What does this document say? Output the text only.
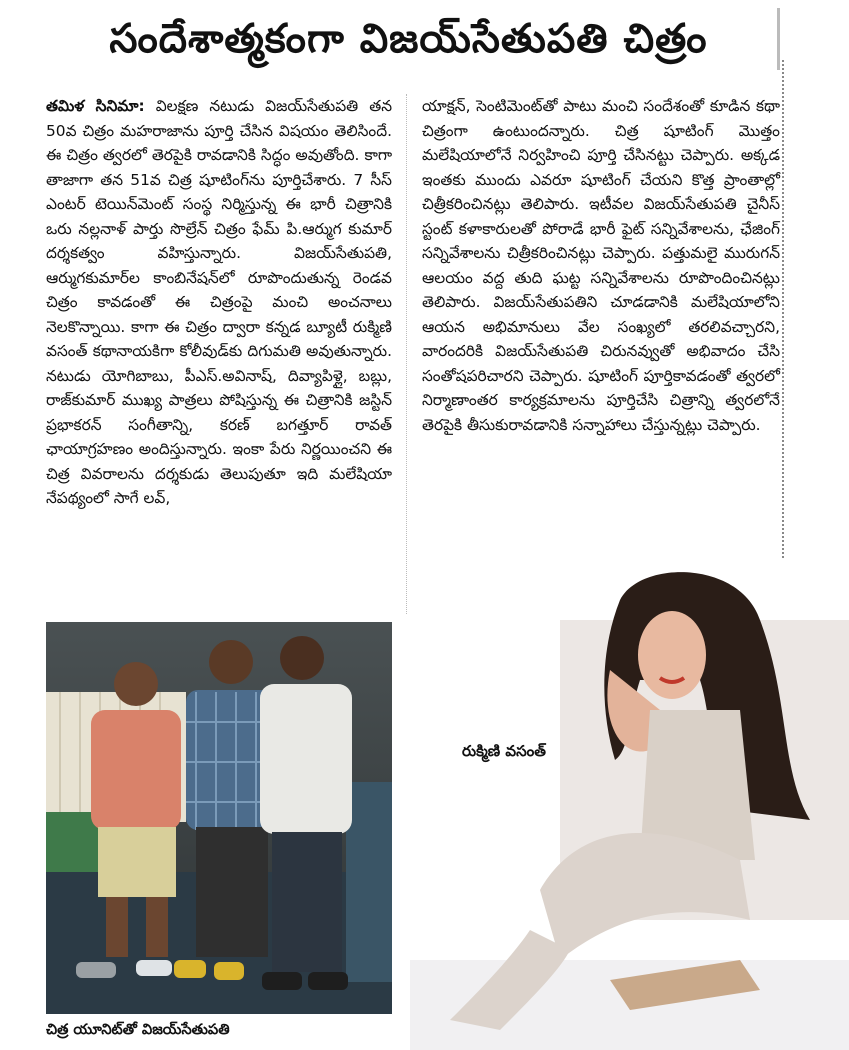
సందేశాత్మకంగా విజయ్‌సేతుపతి చిత్రం

తమిళ సినిమా: విలక్షణ నటుడు విజయ్‌సేతుపతి తన 50వ చిత్రం మహరాజాను పూర్తి చేసిన విషయం తెలిసిందే. ఈ చిత్రం త్వరలో తెరపైకి రావడానికి సిద్ధం అవుతోంది. కాగా తాజాగా తన 51వ చిత్ర షూటింగ్‌ను పూర్తిచేశారు. 7 సీస్ ఎంటర్ టెయిన్‌మెంట్ సంస్థ నిర్మిస్తున్న ఈ భారీ చిత్రానికి ఒరు నల్లనాళ్ పార్తు సొల్రేన్ చిత్రం ఫేమ్ పి.ఆర్ముగ కుమార్ దర్శకత్వం వహిస్తున్నారు. విజయ్‌సేతుపతి, ఆర్ముగకుమార్‌ల కాంబినేషన్‌లో రూపొందుతున్న రెండవ చిత్రం కావడంతో ఈ చిత్రంపై మంచి అంచనాలు నెలకొన్నాయి. కాగా ఈ చిత్రం ద్వారా కన్నడ బ్యూటీ రుక్మిణి వసంత్ కథానాయకిగా కోలీవుడ్‌కు దిగుమతి అవుతున్నారు. నటుడు యోగిబాబు, పీఎస్.అవినాష్, దివ్యాపిళ్లై, బబ్లు, రాజ్‌కుమార్ ముఖ్య పాత్రలు పోషిస్తున్న ఈ చిత్రానికి జస్టిన్ ప్రభాకరన్ సంగీతాన్ని, కరణ్ బగత్తూర్ రావత్ ఛాయాగ్రహణం అందిస్తున్నారు. ఇంకా పేరు నిర్ణయించని ఈ చిత్ర వివరాలను దర్శకుడు తెలుపుతూ ఇది మలేషియా నేపథ్యంలో సాగే లవ్,

యాక్షన్, సెంటిమెంట్‌తో పాటు మంచి సందేశంతో కూడిన కథా చిత్రంగా ఉంటుందన్నారు. చిత్ర షూటింగ్ మొత్తం మలేషియాలోనే నిర్వహించి పూర్తి చేసినట్టు చెప్పారు. అక్కడ ఇంతకు ముందు ఎవరూ షూటింగ్ చేయని కొత్త ప్రాంతాల్లో చిత్రీకరించినట్లు తెలిపారు. ఇటీవల విజయ్‌సేతుపతి చైనీస్ స్టంట్ కళాకారులతో పోరాడే భారీ ఫైట్ సన్నివేశాలను, ఛేజింగ్ సన్నివేశాలను చిత్రీకరించినట్లు చెప్పారు. పత్తుమలై మురుగన్ ఆలయం వద్ద తుది ఘట్ట సన్నివేశాలను రూపొందించినట్లు తెలిపారు. విజయ్‌సేతుపతిని చూడడానికి మలేషియాలోని ఆయన అభిమానులు వేల సంఖ్యలో తరలివచ్చారని, వారందరికి విజయ్‌సేతుపతి చిరునవ్వుతో అభివాదం చేసి సంతోషపరిచారని చెప్పారు. షూటింగ్ పూర్తికావడంతో త్వరలో నిర్మాణాంతర కార్యక్రమాలను పూర్తిచేసి చిత్రాన్ని త్వరలోనే తెరపైకి తీసుకురావడానికి సన్నాహాలు చేస్తున్నట్లు చెప్పారు.

చిత్ర యూనిట్‌తో విజయ్‌సేతుపతి
రుక్మిణి వసంత్
